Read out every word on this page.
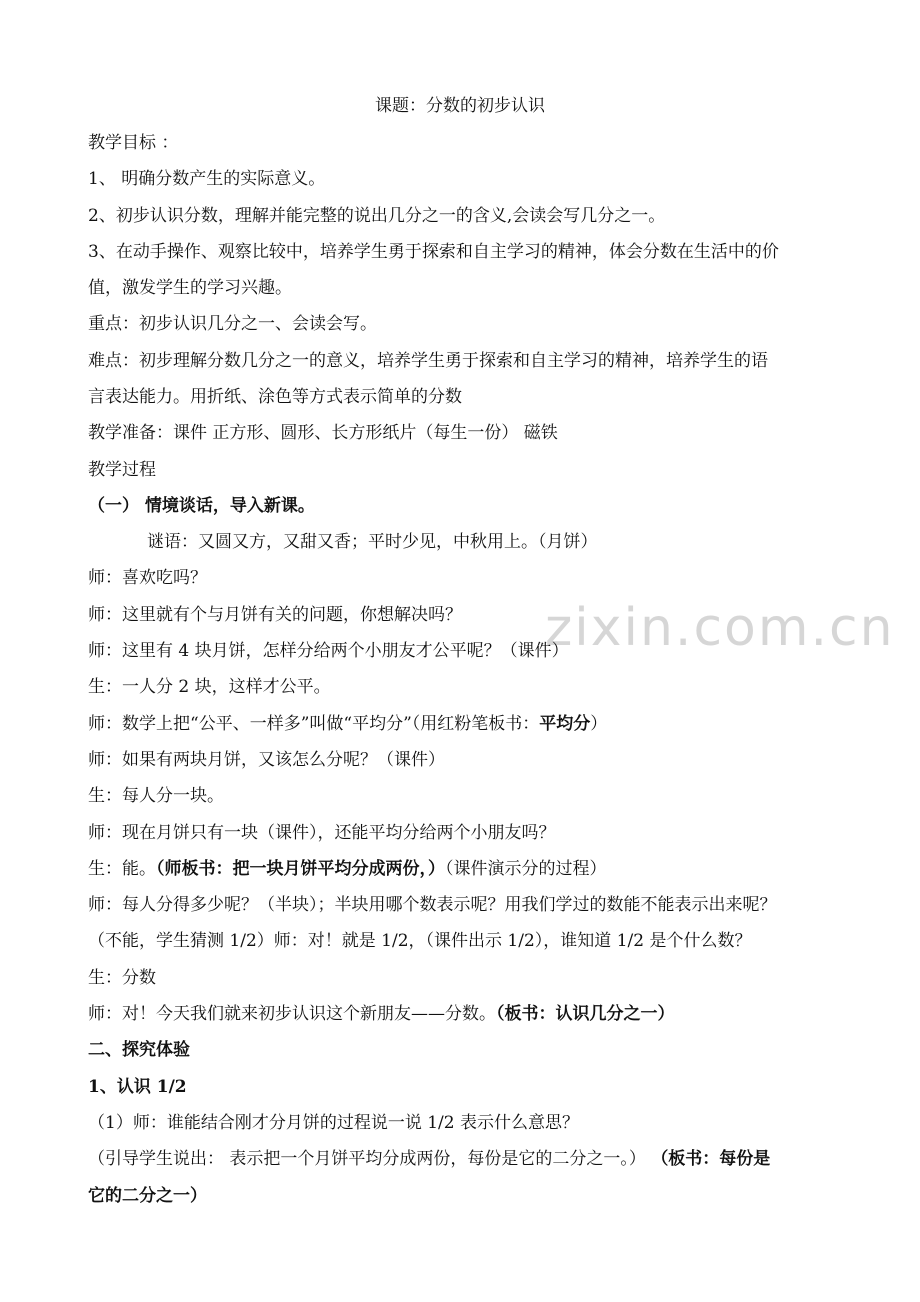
zixin.com.cn
课题：分数的初步认识
教学目标 ：
1、 明确分数产生的实际意义。
2、初步认识分数，理解并能完整的说出几分之一的含义,会读会写几分之一。
3、在动手操作、观察比较中，培养学生勇于探索和自主学习的精神，体会分数在生活中的价
值，激发学生的学习兴趣。
重点：初步认识几分之一、会读会写。
难点：初步理解分数几分之一的意义，培养学生勇于探索和自主学习的精神，培养学生的语
言表达能力。用折纸、涂色等方式表示简单的分数
教学准备：课件 正方形、圆形、长方形纸片（每生一份） 磁铁
教学过程
（一） 情境谈话，导入新课。
谜语：又圆又方，又甜又香；平时少见，中秋用上。（月饼）
师：喜欢吃吗？
师：这里就有个与月饼有关的问题，你想解决吗？
师：这里有 4 块月饼，怎样分给两个小朋友才公平呢？（课件）
生：一人分 2 块，这样才公平。
师：数学上把“公平、一样多”叫做“平均分”（用红粉笔板书：平均分）
师：如果有两块月饼，又该怎么分呢？（课件）
生：每人分一块。
师：现在月饼只有一块（课件），还能平均分给两个小朋友吗？
生：能。（师板书：把一块月饼平均分成两份，）（课件演示分的过程）
师：每人分得多少呢？（半块）；半块用哪个数表示呢？用我们学过的数能不能表示出来呢？
（不能，学生猜测 1/2）师：对！就是 1/2，（课件出示 1/2），谁知道 1/2 是个什么数？
生：分数
师：对！今天我们就来初步认识这个新朋友——分数。（板书：认识几分之一）
二、探究体验
1、认识 1/2
（1）师：谁能结合刚才分月饼的过程说一说 1/2 表示什么意思？
（引导学生说出： 表示把一个月饼平均分成两份，每份是它的二分之一。） （板书：每份是
它的二分之一）
